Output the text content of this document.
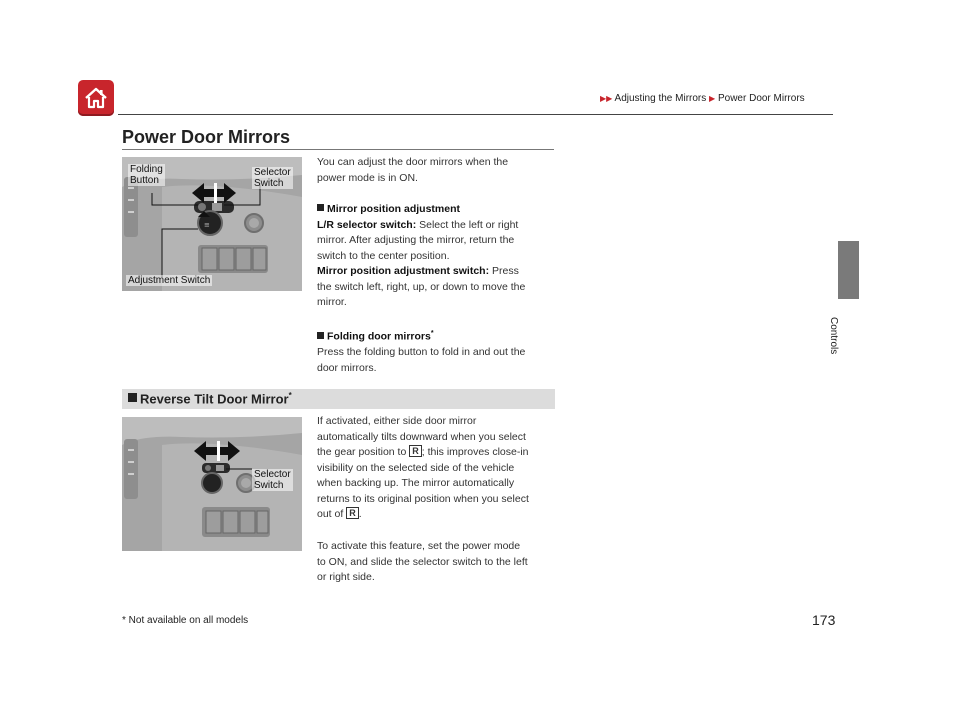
▶▶ Adjusting the Mirrors ▶ Power Door Mirrors
Controls
Power Door Mirrors
≡
Folding
Button
Selector
Switch
Adjustment Switch
You can adjust the door mirrors when the
power mode is in ON.
Mirror position adjustment
L/R selector switch: Select the left or right
mirror. After adjusting the mirror, return the
switch to the center position.
Mirror position adjustment switch: Press
the switch left, right, up, or down to move the
mirror.
Folding door mirrors*
Press the folding button to fold in and out the
door mirrors.
Reverse Tilt Door Mirror*
Selector
Switch
If activated, either side door mirror
automatically tilts downward when you select
the gear position to R ; this improves close-in
visibility on the selected side of the vehicle
when backing up. The mirror automatically
returns to its original position when you select
out of R .
To activate this feature, set the power mode
to ON, and slide the selector switch to the left
or right side.
* Not available on all models	173
